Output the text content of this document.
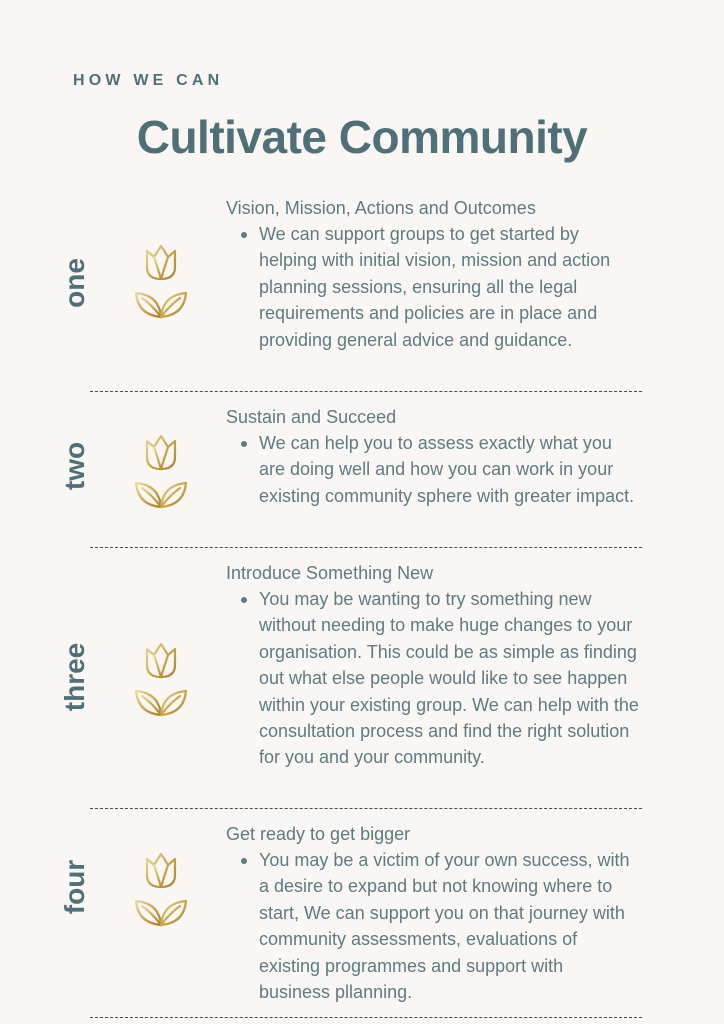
HOW WE CAN
Cultivate Community
one
Vision, Mission, Actions and Outcomes
We can support groups to get started by helping with initial vision, mission and action planning sessions, ensuring all the legal requirements and policies are in place and providing general advice and guidance.
two
Sustain and Succeed
We can help you to assess exactly what you are doing well and how you can work in your existing community sphere with greater impact.
three
Introduce Something New
You may be wanting to try something new without needing to make huge changes to your organisation. This could be as simple as finding out what else people would like to see happen within your existing group. We can help with the consultation process and find the right solution for you and your community.
four
Get ready to get bigger
You may be a victim of your own success, with a desire to expand but not knowing where to start, We can support you on that journey with community assessments, evaluations of existing programmes and support with business pllanning.
